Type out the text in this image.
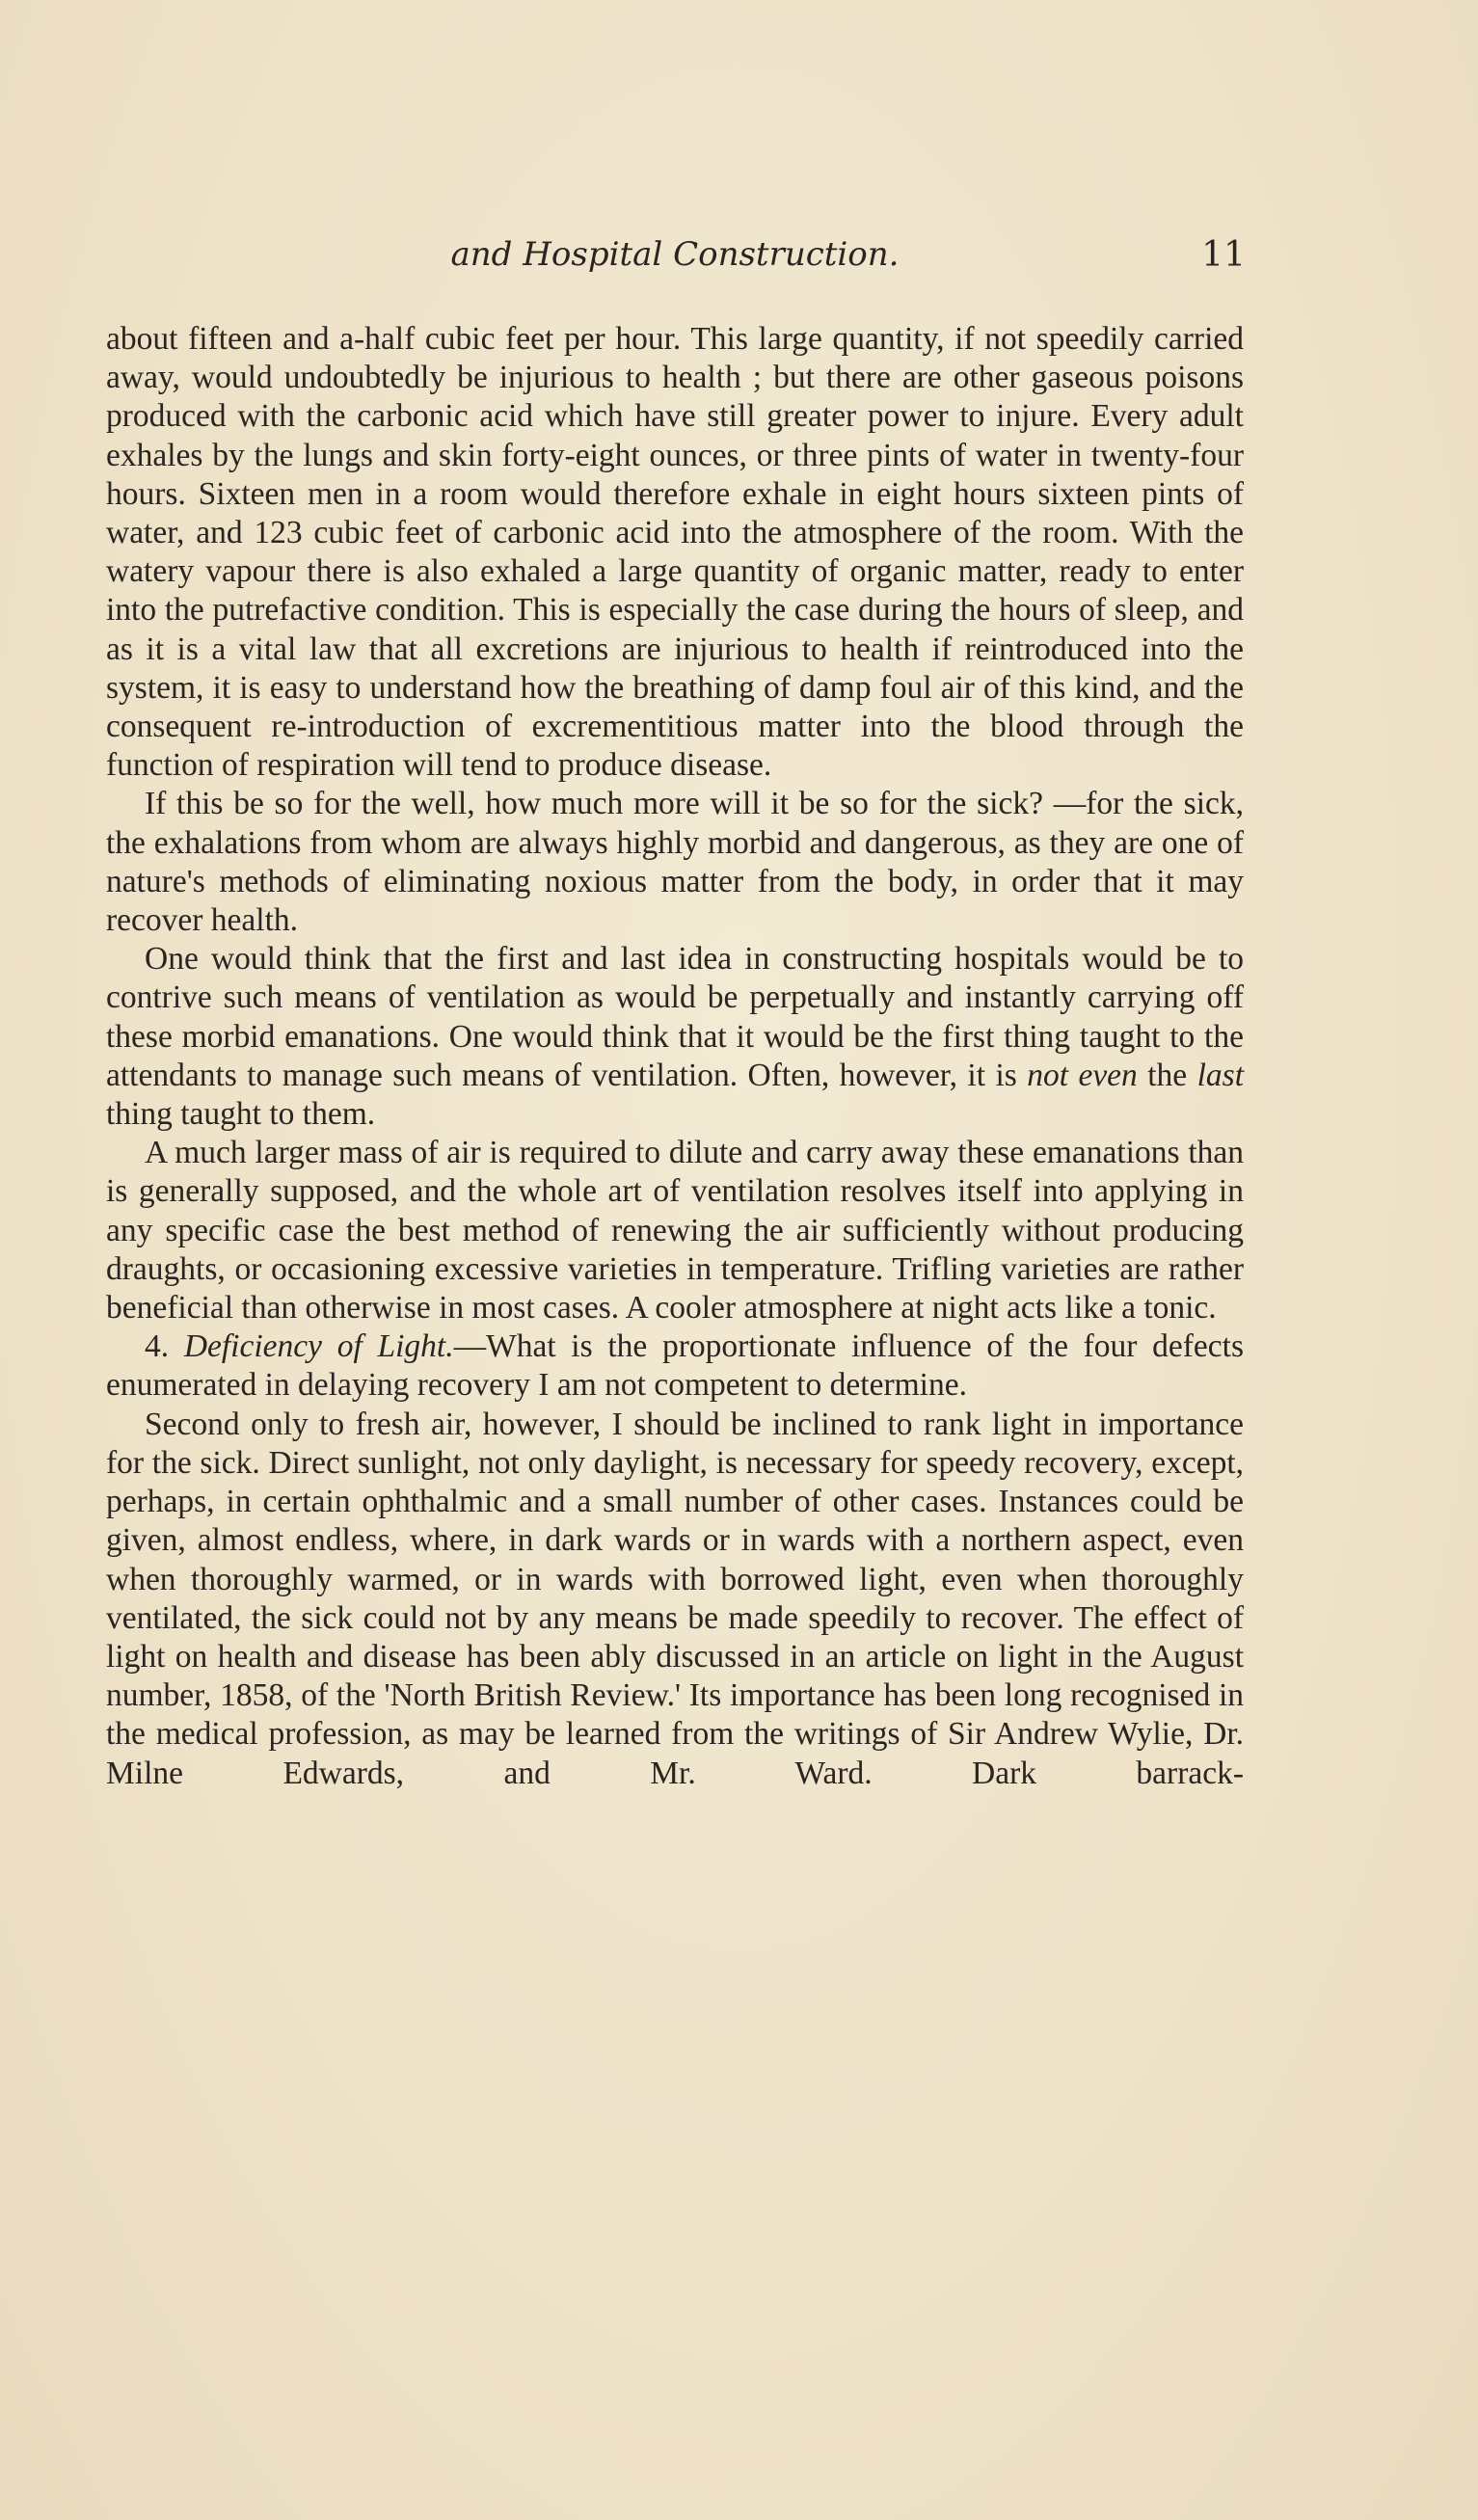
and Hospital Construction.	11

about fifteen and a-half cubic feet per hour. This large quantity, if not speedily carried away, would undoubtedly be injurious to health ; but there are other gaseous poisons produced with the carbonic acid which have still greater power to injure. Every adult exhales by the lungs and skin forty-eight ounces, or three pints of water in twenty-four hours. Sixteen men in a room would therefore exhale in eight hours sixteen pints of water, and 123 cubic feet of carbonic acid into the atmosphere of the room. With the watery vapour there is also exhaled a large quantity of organic matter, ready to enter into the putrefactive condition. This is especially the case during the hours of sleep, and as it is a vital law that all excretions are injurious to health if reintroduced into the system, it is easy to understand how the breathing of damp foul air of this kind, and the consequent re-introduction of excrementitious matter into the blood through the function of respiration will tend to produce disease.

If this be so for the well, how much more will it be so for the sick? —for the sick, the exhalations from whom are always highly morbid and dangerous, as they are one of nature's methods of eliminating noxious matter from the body, in order that it may recover health.

One would think that the first and last idea in constructing hospitals would be to contrive such means of ventilation as would be perpetually and instantly carrying off these morbid emanations. One would think that it would be the first thing taught to the attendants to manage such means of ventilation. Often, however, it is not even the last thing taught to them.

A much larger mass of air is required to dilute and carry away these emanations than is generally supposed, and the whole art of ventilation resolves itself into applying in any specific case the best method of renewing the air sufficiently without producing draughts, or occasioning excessive varieties in temperature. Trifling varieties are rather beneficial than otherwise in most cases. A cooler atmosphere at night acts like a tonic.

4. Deficiency of Light.—What is the proportionate influence of the four defects enumerated in delaying recovery I am not competent to determine.

Second only to fresh air, however, I should be inclined to rank light in importance for the sick. Direct sunlight, not only daylight, is necessary for speedy recovery, except, perhaps, in certain ophthalmic and a small number of other cases. Instances could be given, almost endless, where, in dark wards or in wards with a northern aspect, even when thoroughly warmed, or in wards with borrowed light, even when thoroughly ventilated, the sick could not by any means be made speedily to recover. The effect of light on health and disease has been ably discussed in an article on light in the August number, 1858, of the 'North British Review.' Its importance has been long recognised in the medical profession, as may be learned from the writings of Sir Andrew Wylie, Dr. Milne Edwards, and Mr. Ward. Dark barrack-
